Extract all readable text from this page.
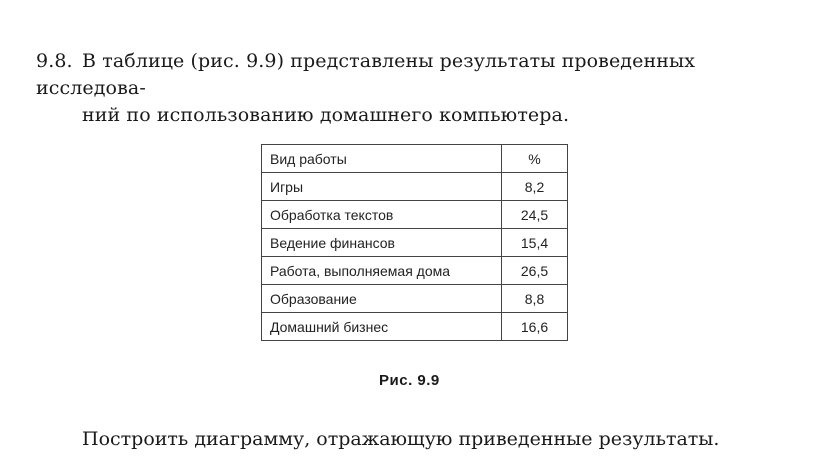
9.8. В таблице (рис. 9.9) представлены результаты проведенных исследова-
ний по использованию домашнего компьютера.
Вид работы	%
Игры	8,2
Обработка текстов	24,5
Ведение финансов	15,4
Работа, выполняемая дома	26,5
Образование	8,8
Домашний бизнес	16,6
Рис. 9.9
Построить диаграмму, отражающую приведенные результаты.
